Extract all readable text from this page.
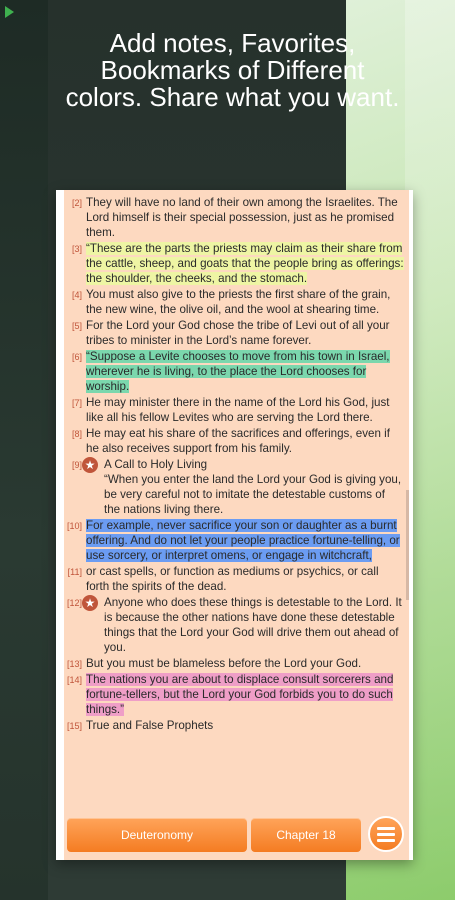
Add notes, Favorites, Bookmarks of Different colors. Share what you want.
[2] They will have no land of their own among the Israelites. The Lord himself is their special possession, just as he promised them.
[3] “These are the parts the priests may claim as their share from the cattle, sheep, and goats that the people bring as offerings: the shoulder, the cheeks, and the stomach.
[4] You must also give to the priests the first share of the grain, the new wine, the olive oil, and the wool at shearing time.
[5] For the Lord your God chose the tribe of Levi out of all your tribes to minister in the Lord’s name forever.
[6] “Suppose a Levite chooses to move from his town in Israel, wherever he is living, to the place the Lord chooses for worship.
[7] He may minister there in the name of the Lord his God, just like all his fellow Levites who are serving the Lord there.
[8] He may eat his share of the sacrifices and offerings, even if he also receives support from his family.
[9] ★ A Call to Holy Living
“When you enter the land the Lord your God is giving you, be very careful not to imitate the detestable customs of the nations living there.
[10] For example, never sacrifice your son or daughter as a burnt offering. And do not let your people practice fortune-telling, or use sorcery, or interpret omens, or engage in witchcraft,
[11] or cast spells, or function as mediums or psychics, or call forth the spirits of the dead.
[12] ★ Anyone who does these things is detestable to the Lord. It is because the other nations have done these detestable things that the Lord your God will drive them out ahead of you.
[13] But you must be blameless before the Lord your God.
[14] The nations you are about to displace consult sorcerers and fortune-tellers, but the Lord your God forbids you to do such things.”
[15] True and False Prophets
Deuteronomy	Chapter 18
